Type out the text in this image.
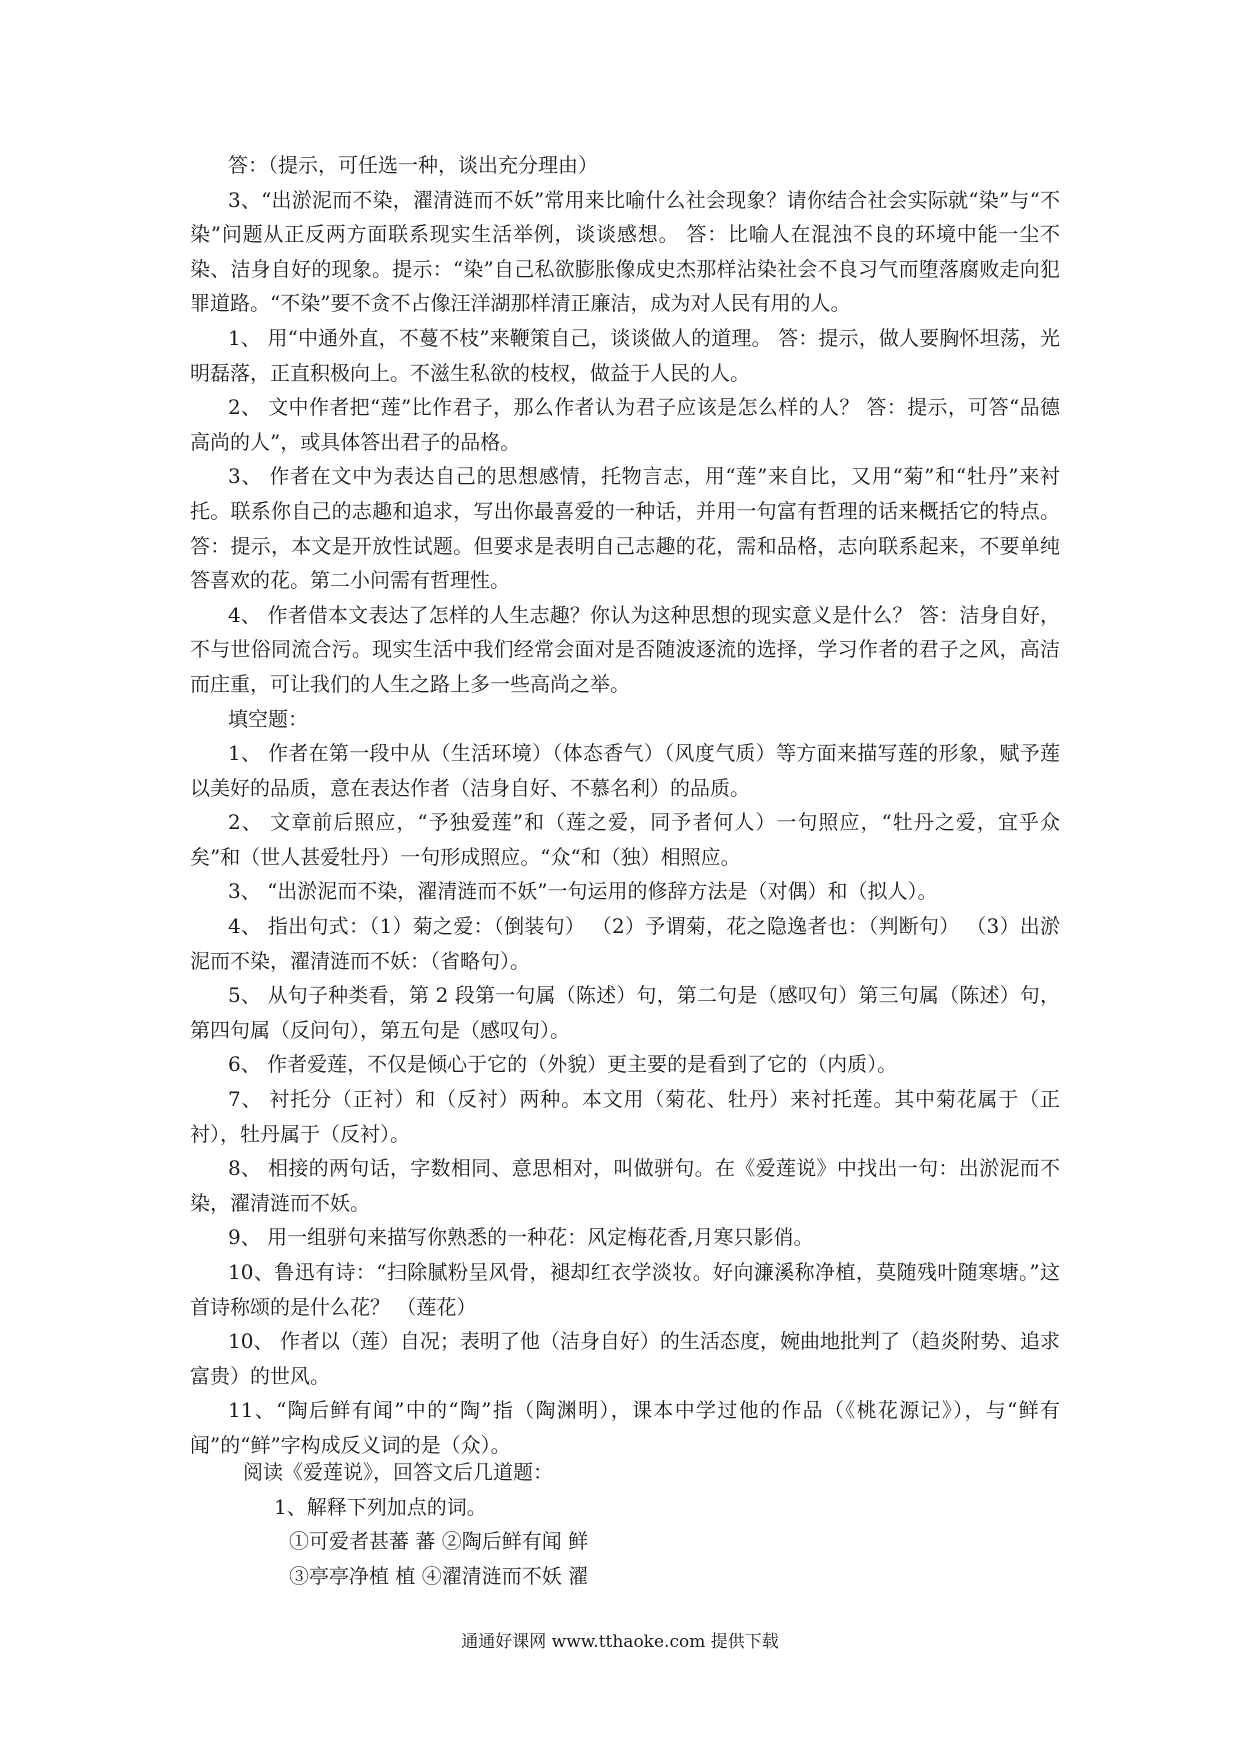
答：（提示，可任选一种，谈出充分理由）

3、“出淤泥而不染，濯清涟而不妖”常用来比喻什么社会现象？请你结合社会实际就“染”与“不染”问题从正反两方面联系现实生活举例，谈谈感想。 答：比喻人在混浊不良的环境中能一尘不染、洁身自好的现象。提示：“染”自己私欲膨胀像成史杰那样沾染社会不良习气而堕落腐败走向犯罪道路。“不染”要不贪不占像汪洋湖那样清正廉洁，成为对人民有用的人。

1、 用“中通外直，不蔓不枝”来鞭策自己，谈谈做人的道理。 答：提示，做人要胸怀坦荡，光明磊落，正直积极向上。不滋生私欲的枝杈，做益于人民的人。

2、 文中作者把“莲”比作君子，那么作者认为君子应该是怎么样的人？ 答：提示，可答“品德高尚的人”，或具体答出君子的品格。

3、 作者在文中为表达自己的思想感情，托物言志，用“莲”来自比，又用“菊”和“牡丹”来衬托。联系你自己的志趣和追求，写出你最喜爱的一种话，并用一句富有哲理的话来概括它的特点。 答：提示，本文是开放性试题。但要求是表明自己志趣的花，需和品格，志向联系起来，不要单纯答喜欢的花。第二小问需有哲理性。

4、 作者借本文表达了怎样的人生志趣？你认为这种思想的现实意义是什么？ 答：洁身自好，不与世俗同流合污。现实生活中我们经常会面对是否随波逐流的选择，学习作者的君子之风，高洁而庄重，可让我们的人生之路上多一些高尚之举。

填空题：

1、 作者在第一段中从（生活环境）（体态香气）（风度气质）等方面来描写莲的形象，赋予莲以美好的品质，意在表达作者（洁身自好、不慕名利）的品质。

2、 文章前后照应，“予独爱莲”和（莲之爱，同予者何人）一句照应，“牡丹之爱，宜乎众矣”和（世人甚爱牡丹）一句形成照应。“众“和（独）相照应。

3、 “出淤泥而不染，濯清涟而不妖”一句运用的修辞方法是（对偶）和（拟人）。

4、 指出句式：（1）菊之爱：（倒装句） （2）予谓菊，花之隐逸者也：（判断句） （3）出淤泥而不染，濯清涟而不妖：（省略句）。

5、 从句子种类看，第 2 段第一句属（陈述）句，第二句是（感叹句）第三句属（陈述）句，第四句属（反问句），第五句是（感叹句）。

6、 作者爱莲，不仅是倾心于它的（外貌）更主要的是看到了它的（内质）。

7、 衬托分（正衬）和（反衬）两种。本文用（菊花、牡丹）来衬托莲。其中菊花属于（正衬），牡丹属于（反衬）。

8、 相接的两句话，字数相同、意思相对，叫做骈句。在《爱莲说》中找出一句：出淤泥而不染，濯清涟而不妖。

9、 用一组骈句来描写你熟悉的一种花：风定梅花香,月寒只影俏。

10、鲁迅有诗：“扫除腻粉呈风骨，褪却红衣学淡妆。好向濂溪称净植，莫随残叶随寒塘。”这首诗称颂的是什么花？ （莲花）

10、 作者以（莲）自况；表明了他（洁身自好）的生活态度，婉曲地批判了（趋炎附势、追求富贵）的世风。

11、“陶后鲜有闻”中的“陶”指（陶渊明），课本中学过他的作品（《桃花源记》），与“鲜有闻”的“鲜”字构成反义词的是（众）。

阅读《爱莲说》，回答文后几道题：
1、解释下列加点的词。
①可爱者甚蕃 蕃 ②陶后鲜有闻 鲜
③亭亭净植 植 ④濯清涟而不妖 濯
通通好课网 www.tthaoke.com 提供下载
